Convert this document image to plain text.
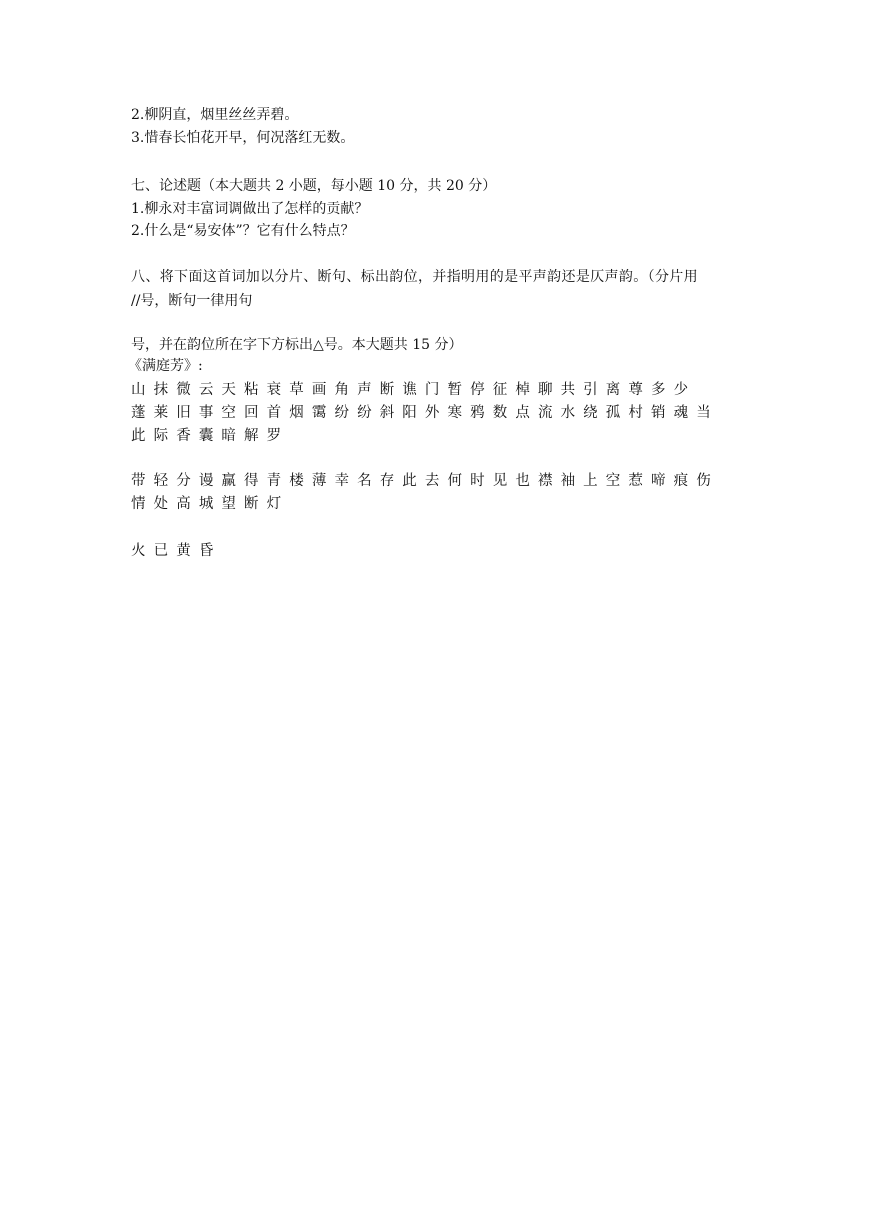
2.柳阴直，烟里丝丝弄碧。
3.惜春长怕花开早，何况落红无数。
七、论述题（本大题共 2 小题，每小题 10 分，共 20 分）
1.柳永对丰富词调做出了怎样的贡献？
2.什么是“易安体”？它有什么特点？
八、将下面这首词加以分片、断句、标出韵位，并指明用的是平声韵还是仄声韵。（分片用
//号，断句一律用句
号，并在韵位所在字下方标出△号。本大题共 15 分）
《满庭芳》:
山 抹 微 云 天 粘 衰 草 画 角 声 断 谯 门 暂 停 征 棹 聊 共 引 离 尊 多 少
蓬 莱 旧 事 空 回 首 烟 霭 纷 纷 斜 阳 外 寒 鸦 数 点 流 水 绕 孤 村 销 魂 当
此 际 香 囊 暗 解 罗
带 轻 分 谩 赢 得 青 楼 薄 幸 名 存 此 去 何 时 见 也 襟 袖 上 空 惹 啼 痕 伤
情 处 高 城 望 断 灯
火 已 黄 昏
